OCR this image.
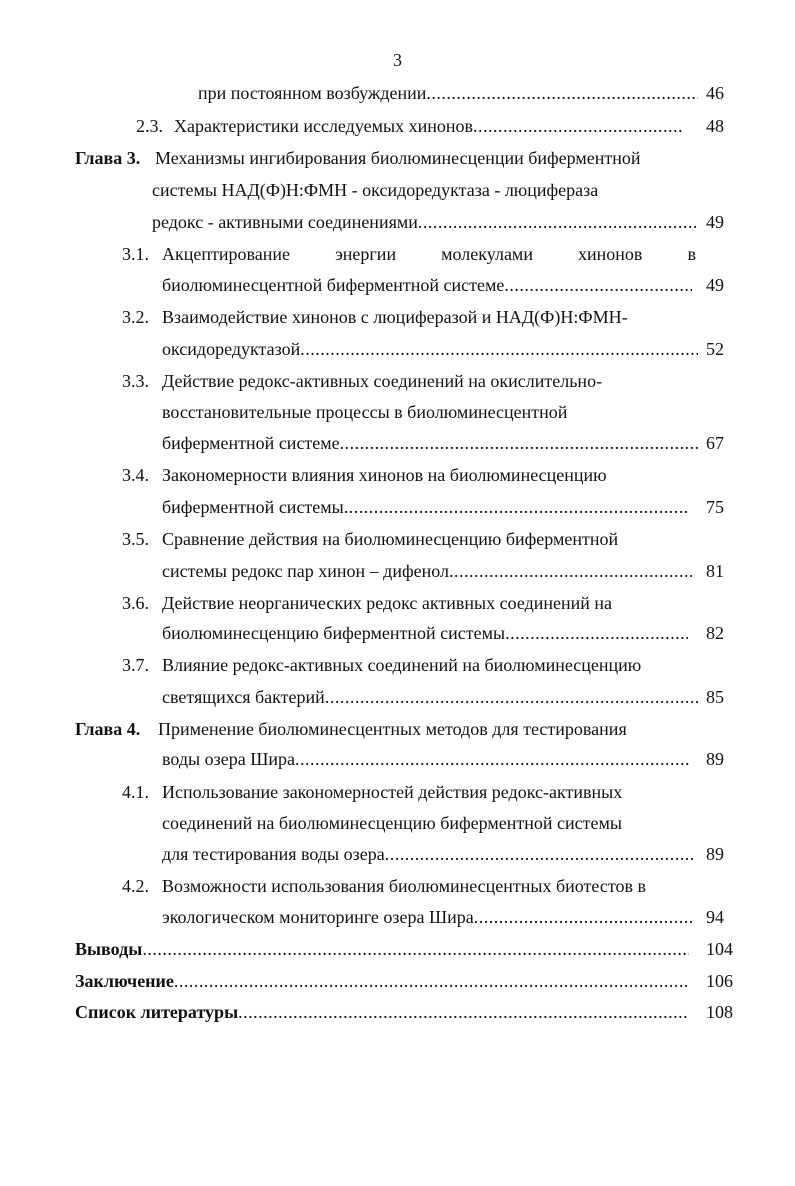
3
при постоянном возбуждении .....	46
2.3. Характеристики исследуемых хинонов .....	48
Глава 3. Механизмы ингибирования биолюминесценции биферментной
системы НАД(Ф)Н:ФМН - оксидоредуктаза - люцифераза
редокс - активными соединениями .....	49
3.1. Акцептирование	энергии	молекулами	хинонов	в
биолюминесцентной биферментной системе .....	49
3.2. Взаимодействие хинонов с люциферазой и НАД(Ф)Н:ФМН-
оксидоредуктазой .....	52
3.3. Действие редокс-активных соединений на окислительно-
восстановительные процессы в биолюминесцентной
биферментной системе .....	67
3.4. Закономерности влияния хинонов на биолюминесценцию
биферментной системы .....	75
3.5. Сравнение действия на биолюминесценцию биферментной
системы редокс пар хинон – дифенол .....	81
3.6. Действие неорганических редокс активных соединений на
биолюминесценцию биферментной системы .....	82
3.7. Влияние редокс-активных соединений на биолюминесценцию
светящихся бактерий .....	85
Глава 4. Применение биолюминесцентных методов для тестирования
воды озера Шира .....	89
4.1. Использование закономерностей действия редокс-активных
соединений на биолюминесценцию биферментной системы
для тестирования воды озера .....	89
4.2. Возможности использования биолюминесцентных биотестов в
экологическом мониторинге озера Шира .....	94
Выводы .....	104
Заключение .....	106
Список литературы .....	108
